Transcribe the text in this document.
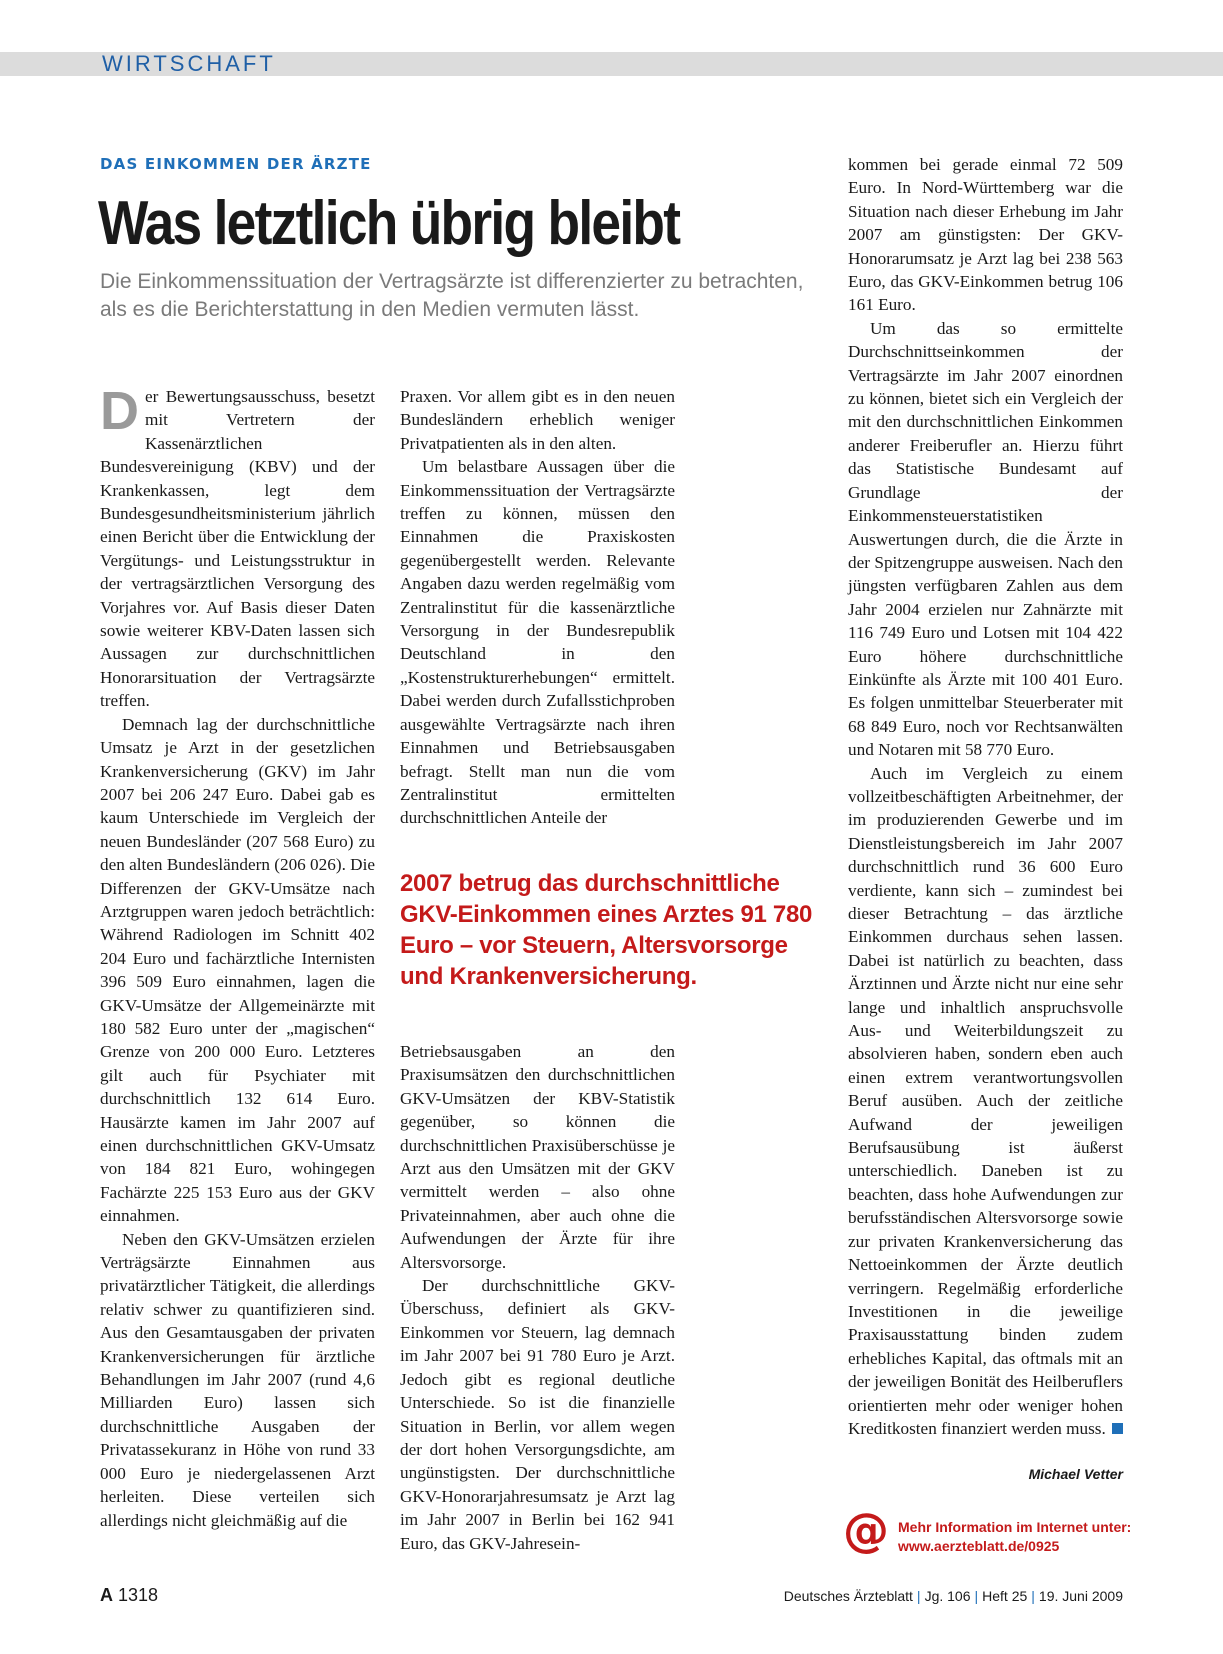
WIRTSCHAFT
DAS EINKOMMEN DER ÄRZTE
Was letztlich übrig bleibt
Die Einkommenssituation der Vertragsärzte ist differenzierter zu betrachten, als es die Berichterstattung in den Medien vermuten lässt.

Der Bewertungsausschuss, besetzt mit Vertretern der Kassenärztlichen Bundesvereinigung (KBV) und der Krankenkassen, legt dem Bundesgesundheitsministerium jährlich einen Bericht über die Entwicklung der Vergütungs- und Leistungsstruktur in der vertragsärztlichen Versorgung des Vorjahres vor. Auf Basis dieser Daten sowie weiterer KBV-Daten lassen sich Aussagen zur durchschnittlichen Honorarsituation der Vertragsärzte treffen.

Demnach lag der durchschnittliche Umsatz je Arzt in der gesetzlichen Krankenversicherung (GKV) im Jahr 2007 bei 206 247 Euro. Dabei gab es kaum Unterschiede im Vergleich der neuen Bundesländer (207 568 Euro) zu den alten Bundesländern (206 026). Die Differenzen der GKV-Umsätze nach Arztgruppen waren jedoch beträchtlich: Während Radiologen im Schnitt 402 204 Euro und fachärztliche Internisten 396 509 Euro einnahmen, lagen die GKV-Umsätze der Allgemeinärzte mit 180 582 Euro unter der „magischen“ Grenze von 200 000 Euro. Letzteres gilt auch für Psychiater mit durchschnittlich 132 614 Euro. Hausärzte kamen im Jahr 2007 auf einen durchschnittlichen GKV-Umsatz von 184 821 Euro, wohingegen Fachärzte 225 153 Euro aus der GKV einnahmen.

Neben den GKV-Umsätzen erzielen Verträgsärzte Einnahmen aus privatärztlicher Tätigkeit, die allerdings relativ schwer zu quantifizieren sind. Aus den Gesamtausgaben der privaten Krankenversicherungen für ärztliche Behandlungen im Jahr 2007 (rund 4,6 Milliarden Euro) lassen sich durchschnittliche Ausgaben der Privatassekuranz in Höhe von rund 33 000 Euro je niedergelassenen Arzt herleiten. Diese verteilen sich allerdings nicht gleichmäßig auf die

Praxen. Vor allem gibt es in den neuen Bundesländern erheblich weniger Privatpatienten als in den alten.

Um belastbare Aussagen über die Einkommenssituation der Vertragsärzte treffen zu können, müssen den Einnahmen die Praxiskosten gegenübergestellt werden. Relevante Angaben dazu werden regelmäßig vom Zentralinstitut für die kassenärztliche Versorgung in der Bundesrepublik Deutschland in den „Kostenstrukturerhebungen“ ermittelt. Dabei werden durch Zufallsstichproben ausgewählte Vertragsärzte nach ihren Einnahmen und Betriebsausgaben befragt. Stellt man nun die vom Zentralinstitut ermittelten durchschnittlichen Anteile der

2007 betrug das durchschnittliche GKV-Einkommen eines Arztes 91 780 Euro – vor Steuern, Altersvorsorge und Krankenversicherung.

Betriebsausgaben an den Praxisumsätzen den durchschnittlichen GKV-Umsätzen der KBV-Statistik gegenüber, so können die durchschnittlichen Praxisüberschüsse je Arzt aus den Umsätzen mit der GKV vermittelt werden – also ohne Privateinnahmen, aber auch ohne die Aufwendungen der Ärzte für ihre Altersvorsorge.

Der durchschnittliche GKV-Überschuss, definiert als GKV-Einkommen vor Steuern, lag demnach im Jahr 2007 bei 91 780 Euro je Arzt. Jedoch gibt es regional deutliche Unterschiede. So ist die finanzielle Situation in Berlin, vor allem wegen der dort hohen Versorgungsdichte, am ungünstigsten. Der durchschnittliche GKV-Honorarjahresumsatz je Arzt lag im Jahr 2007 in Berlin bei 162 941 Euro, das GKV-Jahresein-

kommen bei gerade einmal 72 509 Euro. In Nord-Württemberg war die Situation nach dieser Erhebung im Jahr 2007 am günstigsten: Der GKV-Honorarumsatz je Arzt lag bei 238 563 Euro, das GKV-Einkommen betrug 106 161 Euro.

Um das so ermittelte Durchschnittseinkommen der Vertragsärzte im Jahr 2007 einordnen zu können, bietet sich ein Vergleich der mit den durchschnittlichen Einkommen anderer Freiberufler an. Hierzu führt das Statistische Bundesamt auf Grundlage der Einkommensteuerstatistiken Auswertungen durch, die die Ärzte in der Spitzengruppe ausweisen. Nach den jüngsten verfügbaren Zahlen aus dem Jahr 2004 erzielen nur Zahnärzte mit 116 749 Euro und Lotsen mit 104 422 Euro höhere durchschnittliche Einkünfte als Ärzte mit 100 401 Euro. Es folgen unmittelbar Steuerberater mit 68 849 Euro, noch vor Rechtsanwälten und Notaren mit 58 770 Euro.

Auch im Vergleich zu einem vollzeitbeschäftigten Arbeitnehmer, der im produzierenden Gewerbe und im Dienstleistungsbereich im Jahr 2007 durchschnittlich rund 36 600 Euro verdiente, kann sich – zumindest bei dieser Betrachtung – das ärztliche Einkommen durchaus sehen lassen. Dabei ist natürlich zu beachten, dass Ärztinnen und Ärzte nicht nur eine sehr lange und inhaltlich anspruchsvolle Aus- und Weiterbildungszeit zu absolvieren haben, sondern eben auch einen extrem verantwortungsvollen Beruf ausüben. Auch der zeitliche Aufwand der jeweiligen Berufsausübung ist äußerst unterschiedlich. Daneben ist zu beachten, dass hohe Aufwendungen zur berufsständischen Altersvorsorge sowie zur privaten Krankenversicherung das Nettoeinkommen der Ärzte deutlich verringern. Regelmäßig erforderliche Investitionen in die jeweilige Praxisausstattung binden zudem erhebliches Kapital, das oftmals mit an der jeweiligen Bonität des Heilberuflers orientierten mehr oder weniger hohen Kreditkosten finanziert werden muss.

Michael Vetter
@ Mehr Information im Internet unter:
www.aerzteblatt.de/0925
A 1318	Deutsches Ärzteblatt | Jg. 106 | Heft 25 | 19. Juni 2009
